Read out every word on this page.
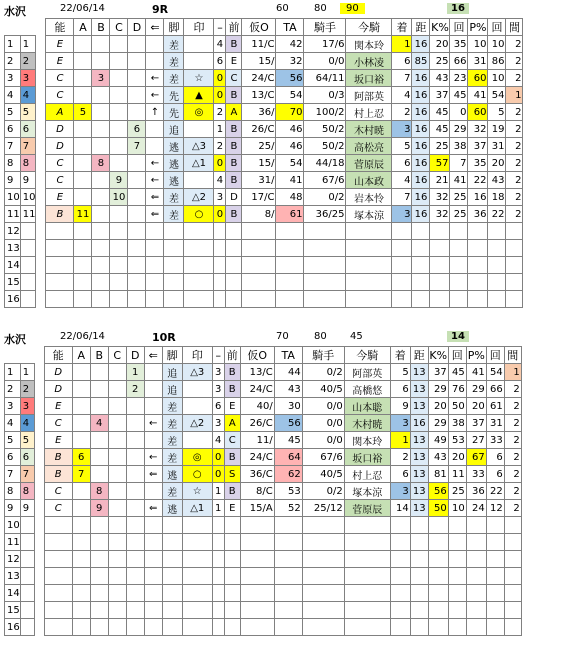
水沢	22/06/14	9R	60	80	90	16
			能	A	B	C	D	⇐	脚	印	–	前	仮O	TA	騎手	今騎	着	距	K%	回	P%	回	間
1	1		E						差		4	B	11/C	42	17/6	関本玲	1	16	20	35	10	10	2
2	2		E						差		6	E	15/	32	0/0	小林凌	6	85	25	66	31	86	2
3	3		C		3			←	差	☆	0	C	24/C	56	64/11	坂口裕	7	16	43	23	60	10	2
4	4		C					←	先	▲	0	B	13/C	54	0/3	阿部英	4	16	37	45	41	54	1
5	5		A	5				↑	先	◎	2	A	36/	70	100/2	村上忍	2	16	45	0	60	5	2
6	6		D				6		追		1	B	26/C	46	50/2	木村暁	3	16	45	29	32	19	2
7	7		D				7		逃	△3	2	B	25/	46	50/2	高松亮	5	16	25	38	37	31	2
8	8		C		8			←	逃	△1	0	B	15/	54	44/18	菅原辰	6	16	57	7	35	20	2
9	9		C			9		←	逃		4	B	31/	41	67/6	山本政	4	16	21	41	22	43	2
10	10		E			10		⇐	差	△2	3	D	17/C	48	0/2	岩本怜	7	16	32	25	16	18	2
11	11		B	11				⇐	差	○	0	B	8/	61	36/25	塚本涼	3	16	32	25	36	22	2
12																							
13																							
14																							
15																							
16																							
水沢	22/06/14	10R	70	80 45	14
			能	A	B	C	D	⇐	脚	印	–	前	仮O	TA	騎手	今騎	着	距	K%	回	P%	回	間
1	1		D				1		追	△3	3	B	13/C	44	0/2	阿部英	5	13	37	45	41	54	1
2	2		D				2		追		3	B	24/C	43	40/5	高橋悠	6	13	29	76	29	66	2
3	3		E						差		6	E	40/	30	0/0	山本聡	9	13	20	50	20	61	2
4	4		C		4			←	差	△2	3	A	26/C	56	0/0	木村暁	3	16	29	38	37	31	2
5	5		E						差		4	C	11/	45	0/0	関本玲	1	13	49	53	27	33	2
6	6		B	6				←	差	◎	0	B	24/C	64	67/6	坂口裕	2	13	43	20	67	6	2
7	7		B	7				⇐	逃	○	0	S	36/C	62	40/5	村上忍	6	13	81	11	33	6	2
8	8		C		8				差	☆	1	B	8/C	53	0/2	塚本涼	3	13	56	25	36	22	2
9	9		C		9			⇐	逃	△1	1	E	15/A	52	25/12	菅原辰	14	13	50	10	24	12	2
10																							
11																							
12																							
13																							
14																							
15																							
16																							
